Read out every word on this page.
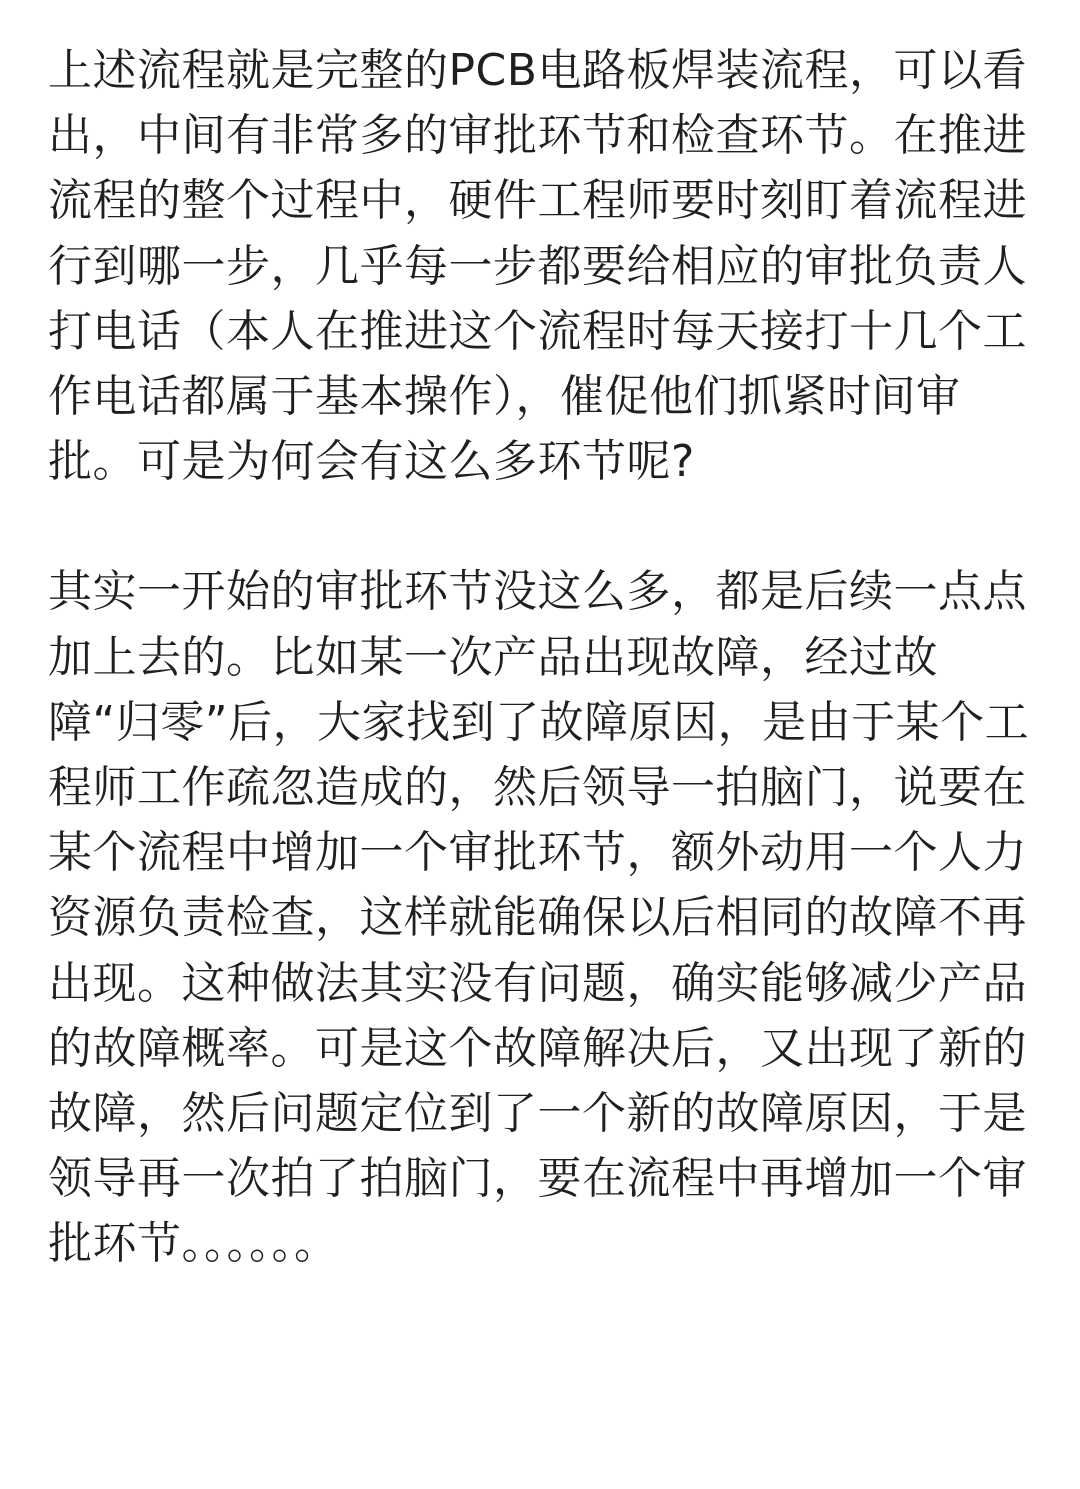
上述流程就是完整的PCB电路板焊装流程，可以看出，中间有非常多的审批环节和检查环节。在推进流程的整个过程中，硬件工程师要时刻盯着流程进行到哪一步，几乎每一步都要给相应的审批负责人打电话（本人在推进这个流程时每天接打十几个工作电话都属于基本操作），催促他们抓紧时间审批。可是为何会有这么多环节呢?

其实一开始的审批环节没这么多，都是后续一点点加上去的。比如某一次产品出现故障，经过故障“归零”后，大家找到了故障原因，是由于某个工程师工作疏忽造成的，然后领导一拍脑门，说要在某个流程中增加一个审批环节，额外动用一个人力资源负责检查，这样就能确保以后相同的故障不再出现。这种做法其实没有问题，确实能够减少产品的故障概率。可是这个故障解决后，又出现了新的故障，然后问题定位到了一个新的故障原因，于是领导再一次拍了拍脑门，要在流程中再增加一个审批环节。。。。。。
